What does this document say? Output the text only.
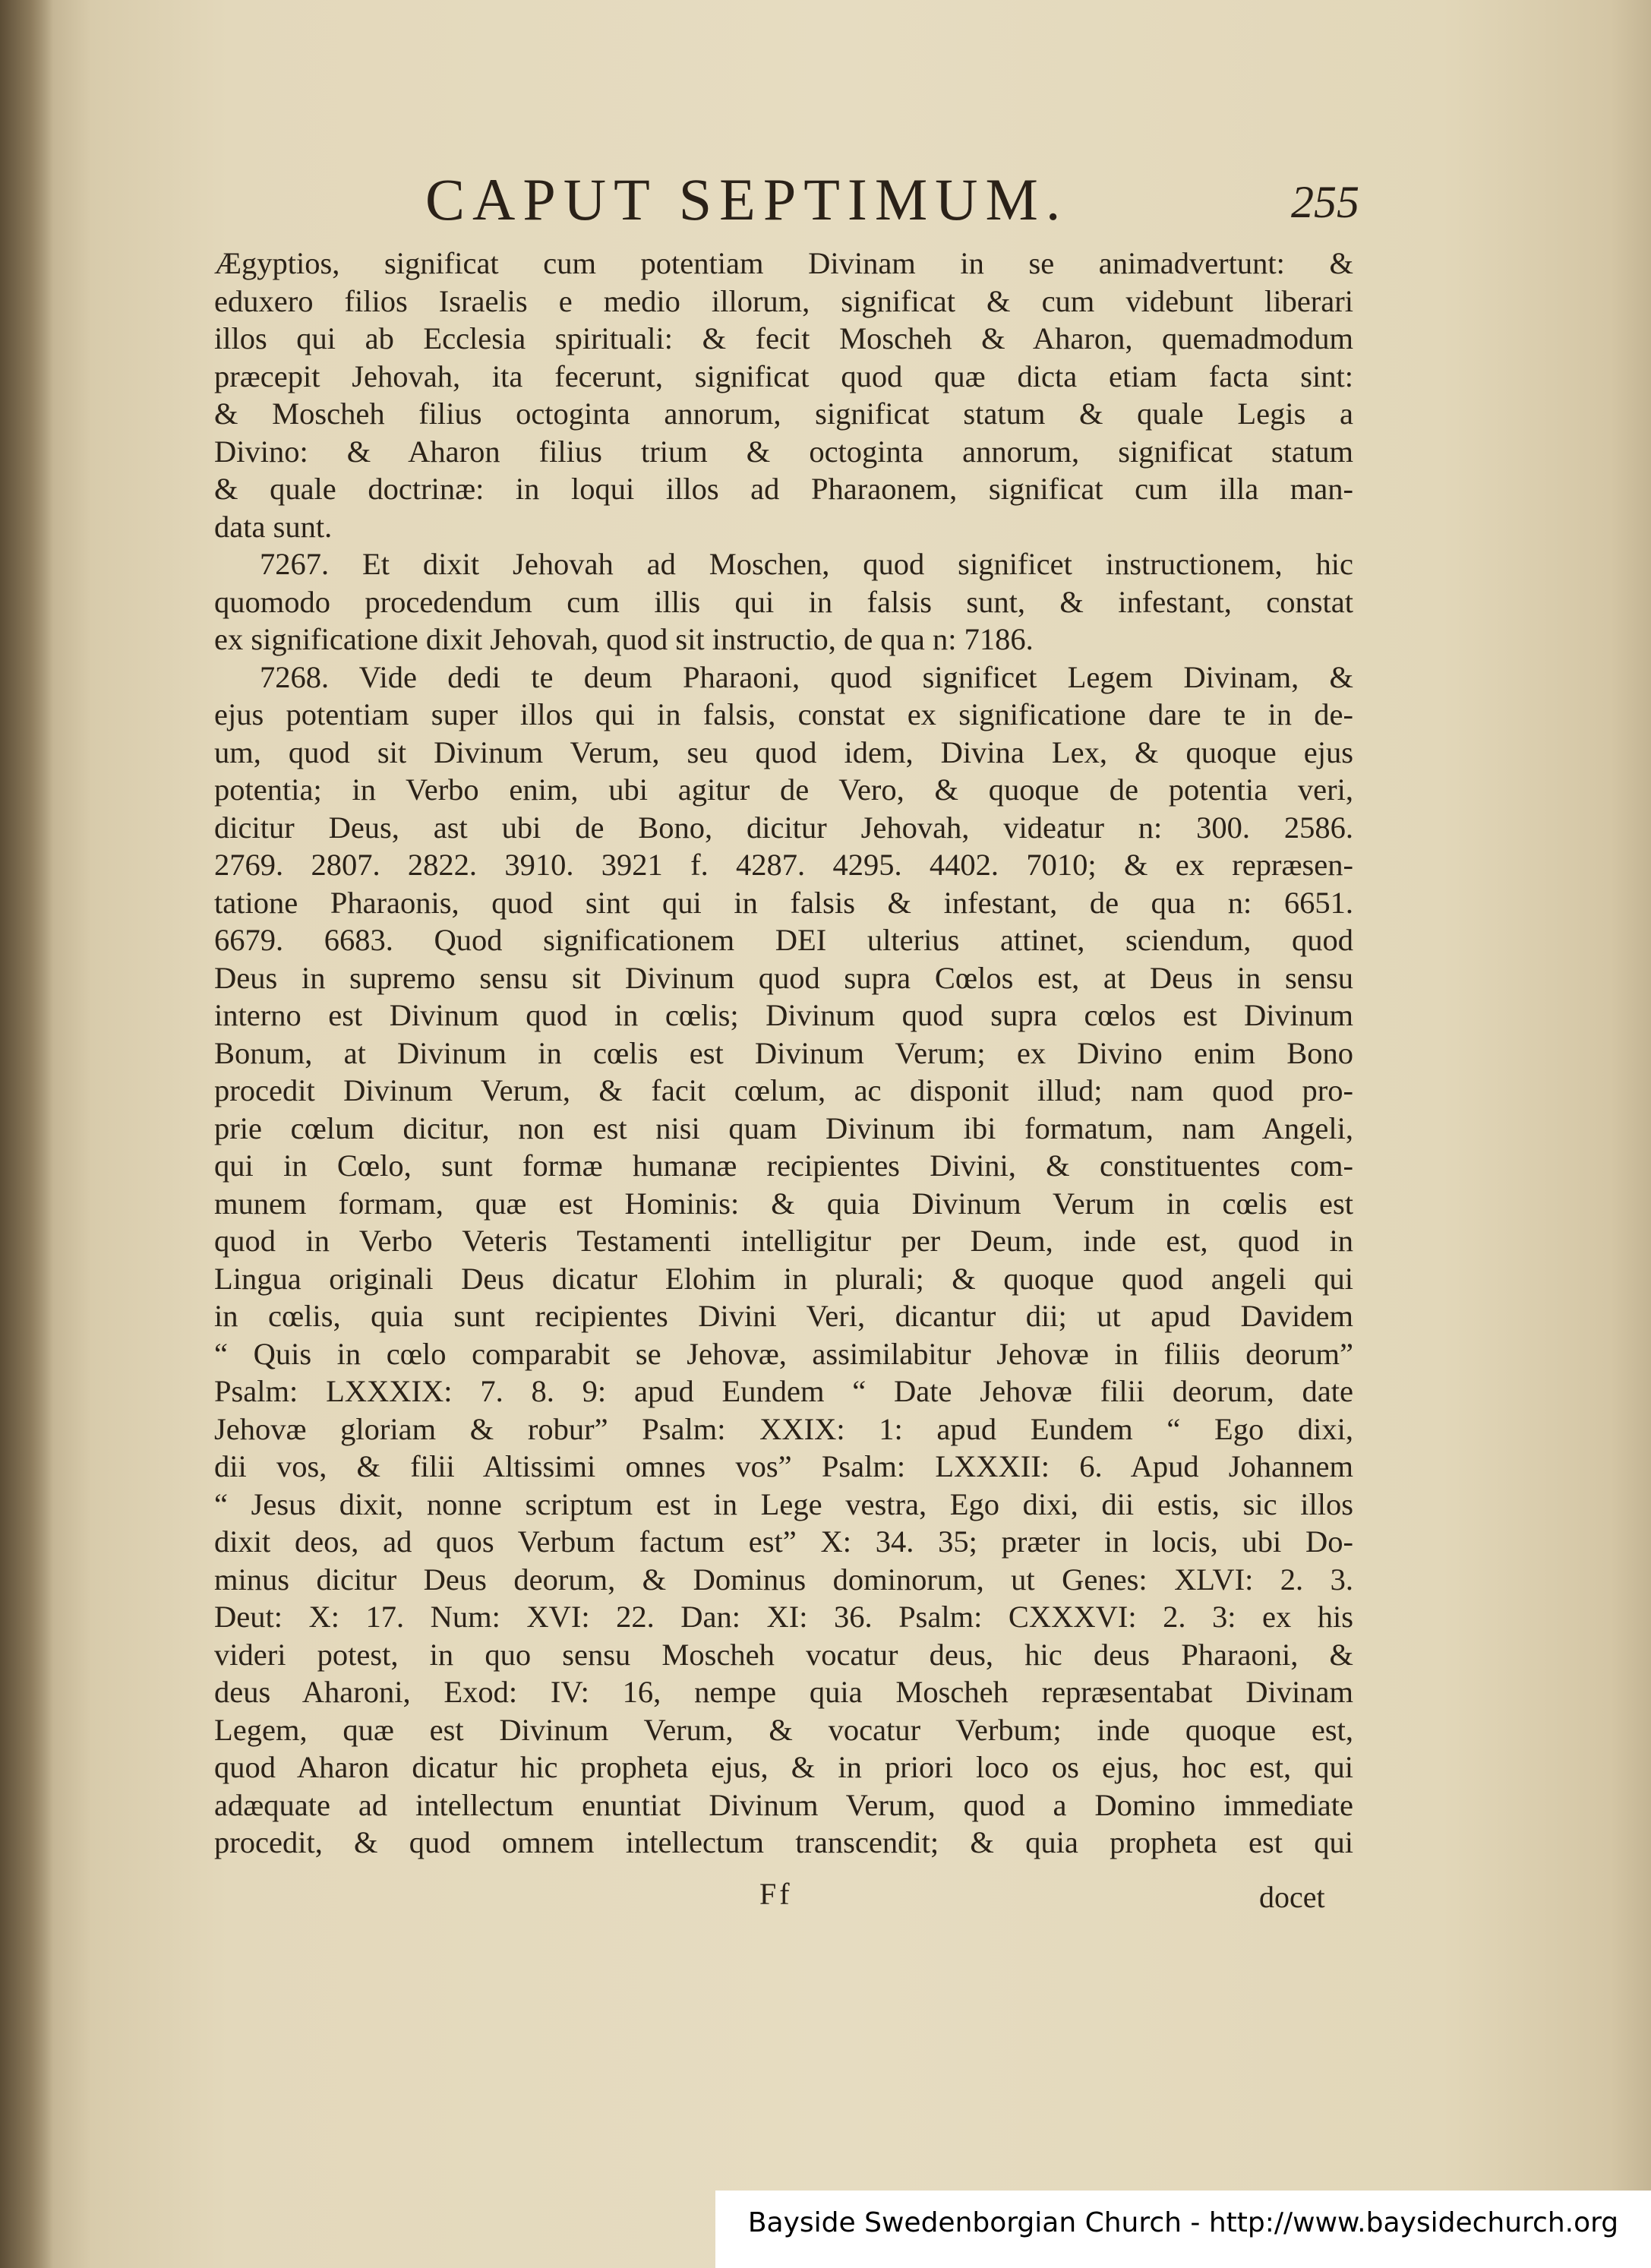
CAPUT SEPTIMUM.	255
Ægyptios, significat cum potentiam Divinam in se animadvertunt: &
eduxero filios Israelis e medio illorum, significat & cum videbunt liberari
illos qui ab Ecclesia spirituali: & fecit Moscheh & Aharon, quemadmodum
præcepit Jehovah, ita fecerunt, significat quod quæ dicta etiam facta sint:
& Moscheh filius octoginta annorum, significat statum & quale Legis a
Divino: & Aharon filius trium & octoginta annorum, significat statum
& quale doctrinæ: in loqui illos ad Pharaonem, significat cum illa man-
data sunt.
7267. Et dixit Jehovah ad Moschen, quod significet instructionem, hic
quomodo procedendum cum illis qui in falsis sunt, & infestant, constat
ex significatione dixit Jehovah, quod sit instructio, de qua n: 7186.
7268. Vide dedi te deum Pharaoni, quod significet Legem Divinam, &
ejus potentiam super illos qui in falsis, constat ex significatione dare te in de-
um, quod sit Divinum Verum, seu quod idem, Divina Lex, & quoque ejus
potentia; in Verbo enim, ubi agitur de Vero, & quoque de potentia veri,
dicitur Deus, ast ubi de Bono, dicitur Jehovah, videatur n: 300. 2586.
2769. 2807. 2822. 3910. 3921 f. 4287. 4295. 4402. 7010; & ex repræsen-
tatione Pharaonis, quod sint qui in falsis & infestant, de qua n: 6651.
6679. 6683. Quod significationem DEI ulterius attinet, sciendum, quod
Deus in supremo sensu sit Divinum quod supra Cœlos est, at Deus in sensu
interno est Divinum quod in cœlis; Divinum quod supra cœlos est Divinum
Bonum, at Divinum in cœlis est Divinum Verum; ex Divino enim Bono
procedit Divinum Verum, & facit cœlum, ac disponit illud; nam quod pro-
prie cœlum dicitur, non est nisi quam Divinum ibi formatum, nam Angeli,
qui in Cœlo, sunt formæ humanæ recipientes Divini, & constituentes com-
munem formam, quæ est Hominis: & quia Divinum Verum in cœlis est
quod in Verbo Veteris Testamenti intelligitur per Deum, inde est, quod in
Lingua originali Deus dicatur Elohim in plurali; & quoque quod angeli qui
in cœlis, quia sunt recipientes Divini Veri, dicantur dii; ut apud Davidem
“ Quis in cœlo comparabit se Jehovæ, assimilabitur Jehovæ in filiis deorum”
Psalm: LXXXIX: 7. 8. 9: apud Eundem “ Date Jehovæ filii deorum, date
Jehovæ gloriam & robur” Psalm: XXIX: 1: apud Eundem “ Ego dixi,
dii vos, & filii Altissimi omnes vos” Psalm: LXXXII: 6. Apud Johannem
“ Jesus dixit, nonne scriptum est in Lege vestra, Ego dixi, dii estis, sic illos
dixit deos, ad quos Verbum factum est” X: 34. 35; præter in locis, ubi Do-
minus dicitur Deus deorum, & Dominus dominorum, ut Genes: XLVI: 2. 3.
Deut: X: 17. Num: XVI: 22. Dan: XI: 36. Psalm: CXXXVI: 2. 3: ex his
videri potest, in quo sensu Moscheh vocatur deus, hic deus Pharaoni, &
deus Aharoni, Exod: IV: 16, nempe quia Moscheh repræsentabat Divinam
Legem, quæ est Divinum Verum, & vocatur Verbum; inde quoque est,
quod Aharon dicatur hic propheta ejus, & in priori loco os ejus, hoc est, qui
adæquate ad intellectum enuntiat Divinum Verum, quod a Domino immediate
procedit, & quod omnem intellectum transcendit; & quia propheta est qui
Ff	docet
Bayside Swedenborgian Church - http://www.baysidechurch.org
